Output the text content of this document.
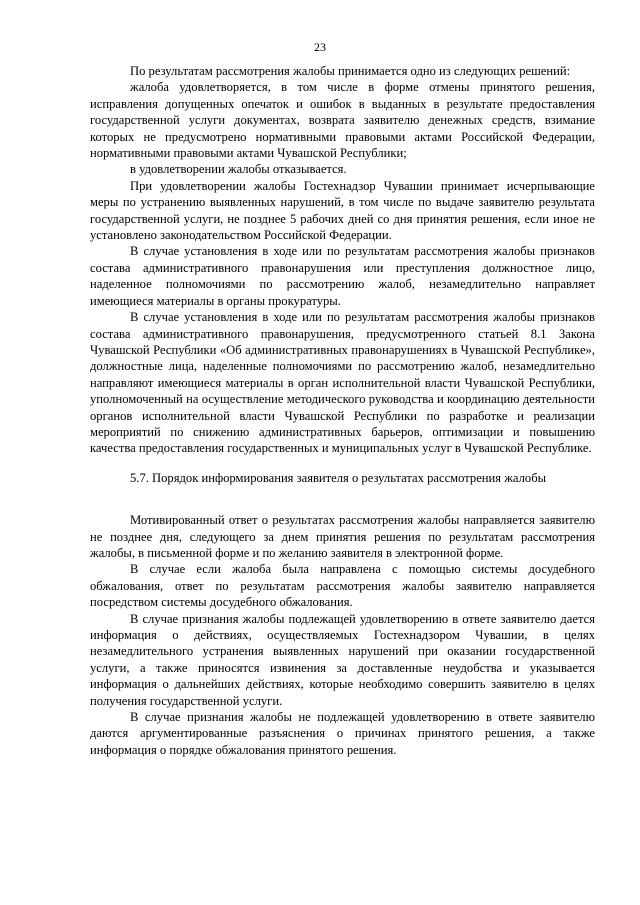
23

По результатам рассмотрения жалобы принимается одно из следующих решений:

жалоба удовлетворяется, в том числе в форме отмены принятого решения, исправления допущенных опечаток и ошибок в выданных в результате предоставления государственной услуги документах, возврата заявителю денежных средств, взимание которых не предусмотрено нормативными правовыми актами Российской Федерации, нормативными правовыми актами Чувашской Республики;

в удовлетворении жалобы отказывается.

При удовлетворении жалобы Гостехнадзор Чувашии принимает исчерпывающие меры по устранению выявленных нарушений, в том числе по выдаче заявителю результата государственной услуги, не позднее 5 рабочих дней со дня принятия решения, если иное не установлено законодательством Российской Федерации.

В случае установления в ходе или по результатам рассмотрения жалобы признаков состава административного правонарушения или преступления должностное лицо, наделенное полномочиями по рассмотрению жалоб, незамедлительно направляет имеющиеся материалы в органы прокуратуры.

В случае установления в ходе или по результатам рассмотрения жалобы признаков состава административного правонарушения, предусмотренного статьей 8.1 Закона Чувашской Республики «Об административных правонарушениях в Чувашской Республике», должностные лица, наделенные полномочиями по рассмотрению жалоб, незамедлительно направляют имеющиеся материалы в орган исполнительной власти Чувашской Республики, уполномоченный на осуществление методического руководства и координацию деятельности органов исполнительной власти Чувашской Республики по разработке и реализации мероприятий по снижению административных барьеров, оптимизации и повышению качества предоставления государственных и муниципальных услуг в Чувашской Республике.

5.7. Порядок информирования заявителя о результатах рассмотрения жалобы

Мотивированный ответ о результатах рассмотрения жалобы направляется заявителю не позднее дня, следующего за днем принятия решения по результатам рассмотрения жалобы, в письменной форме и по желанию заявителя в электронной форме.

В случае если жалоба была направлена с помощью системы досудебного обжалования, ответ по результатам рассмотрения жалобы заявителю направляется посредством системы досудебного обжалования.

В случае признания жалобы подлежащей удовлетворению в ответе заявителю дается информация о действиях, осуществляемых Гостехнадзором Чувашии, в целях незамедлительного устранения выявленных нарушений при оказании государственной услуги, а также приносятся извинения за доставленные неудобства и указывается информация о дальнейших действиях, которые необходимо совершить заявителю в целях получения государственной услуги.

В случае признания жалобы не подлежащей удовлетворению в ответе заявителю даются аргументированные разъяснения о причинах принятого решения, а также информация о порядке обжалования принятого решения.
